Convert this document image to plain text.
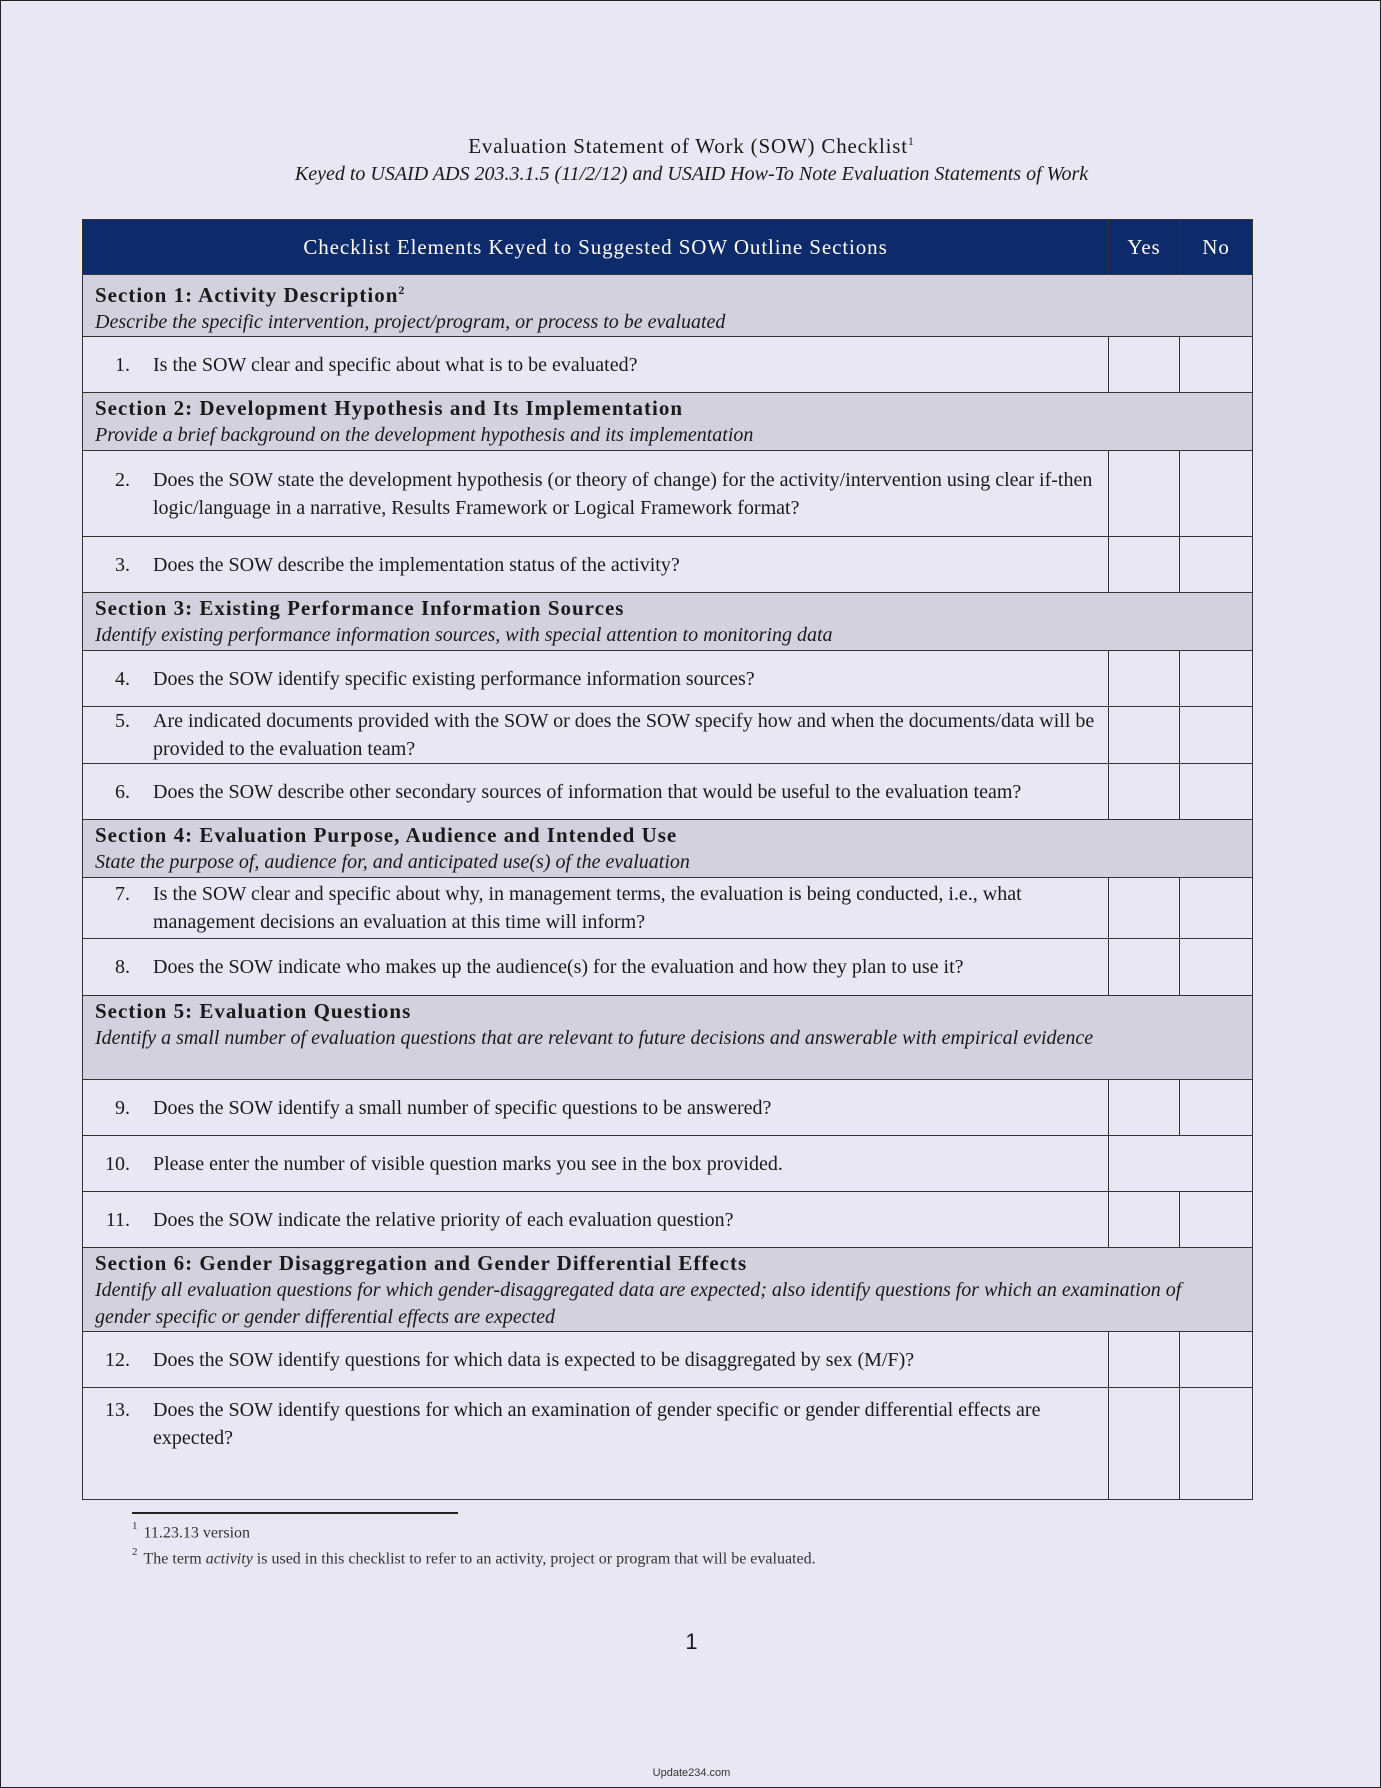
Evaluation Statement of Work (SOW) Checklist$^1$
Keyed to USAID ADS 203.3.1.5 (11/2/12) and USAID How-To Note Evaluation Statements of Work
Checklist Elements Keyed to Suggested SOW Outline Sections	Yes	No

Section 1: Activity Description$^2$
Describe the specific intervention, project/program, or process to be evaluated		

1. Is the SOW clear and specific about what is to be evaluated?		

Section 2: Development Hypothesis and Its Implementation
Provide a brief background on the development hypothesis and its implementation		

2. Does the SOW state the development hypothesis (or theory of change) for the activity/intervention using clear if-then logic/language in a narrative, Results Framework or Logical Framework format?		

3. Does the SOW describe the implementation status of the activity?		

Section 3: Existing Performance Information Sources
Identify existing performance information sources, with special attention to monitoring data		

4. Does the SOW identify specific existing performance information sources?		

5. Are indicated documents provided with the SOW or does the SOW specify how and when the documents/data will be provided to the evaluation team?		

6. Does the SOW describe other secondary sources of information that would be useful to the evaluation team?		

Section 4: Evaluation Purpose, Audience and Intended Use
State the purpose of, audience for, and anticipated use(s) of the evaluation		

7. Is the SOW clear and specific about why, in management terms, the evaluation is being conducted, i.e., what management decisions an evaluation at this time will inform?		

8. Does the SOW indicate who makes up the audience(s) for the evaluation and how they plan to use it?		

Section 5: Evaluation Questions
Identify a small number of evaluation questions that are relevant to future decisions and answerable with empirical evidence		

9. Does the SOW identify a small number of specific questions to be answered?		

10. Please enter the number of visible question marks you see in the box provided.		

11. Does the SOW indicate the relative priority of each evaluation question?		

Section 6: Gender Disaggregation and Gender Differential Effects
Identify all evaluation questions for which gender-disaggregated data are expected; also identify questions for which an examination of gender specific or gender differential effects are expected		

12. Does the SOW identify questions for which data is expected to be disaggregated by sex (M/F)?		

13. Does the SOW identify questions for which an examination of gender specific or gender differential effects are expected?		

$^1$ 11.23.13 version
$^2$ The term activity is used in this checklist to refer to an activity, project or program that will be evaluated.
1
Update234.com
